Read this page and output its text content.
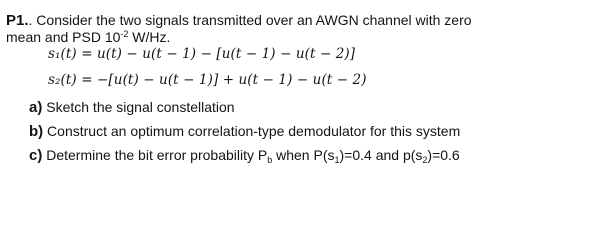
P1.. Consider the two signals transmitted over an AWGN channel with zero
mean and PSD $10^{-2}$ W/Hz.
s₁(t) = u(t) − u(t − 1) − [u(t − 1) − u(t − 2)]
s₂(t) = −[u(t) − u(t − 1)] + u(t − 1) − u(t − 2)
a) Sketch the signal constellation
b) Construct an optimum correlation-type demodulator for this system
c) Determine the bit error probability $P_b$ when $P(s_1)=0.4$ and $p(s_2)=0.6$
